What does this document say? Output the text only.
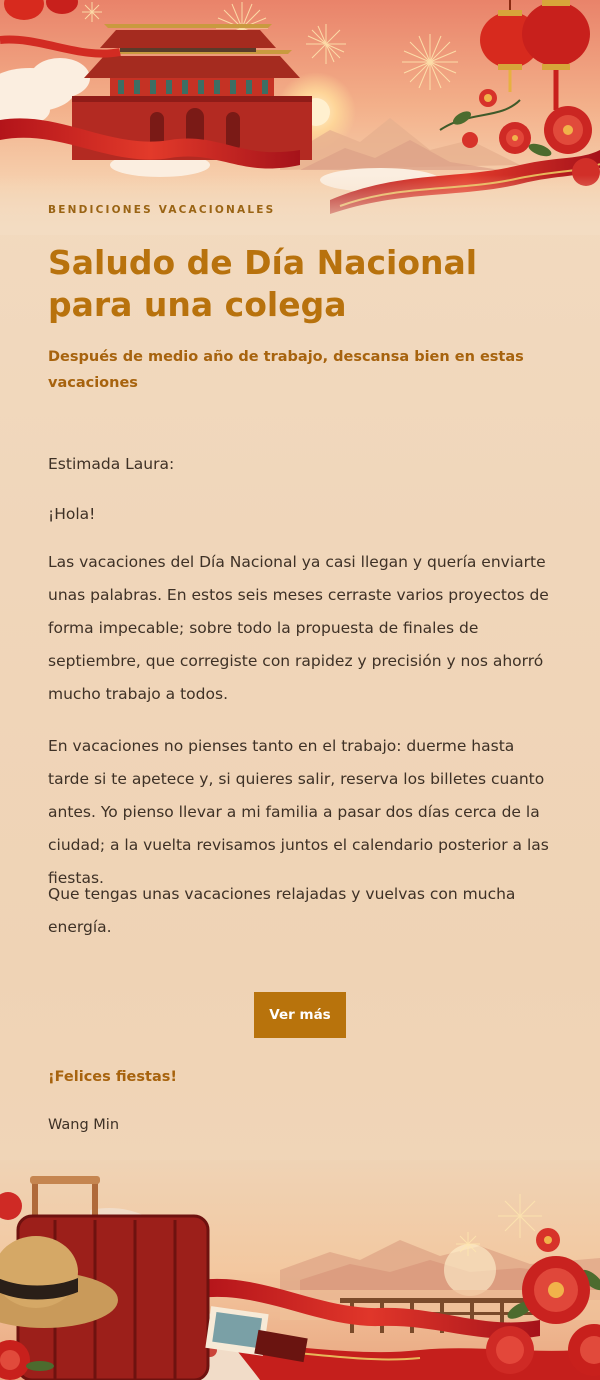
BENDICIONES VACACIONALES

Saludo de Día Nacional para una colega

Después de medio año de trabajo, descansa bien en estas vacaciones

Estimada Laura:

¡Hola!

Las vacaciones del Día Nacional ya casi llegan y quería enviarte unas palabras. En estos seis meses cerraste varios proyectos de forma impecable; sobre todo la propuesta de finales de septiembre, que corregiste con rapidez y precisión y nos ahorró mucho trabajo a todos.

En vacaciones no pienses tanto en el trabajo: duerme hasta tarde si te apetece y, si quieres salir, reserva los billetes cuanto antes. Yo pienso llevar a mi familia a pasar dos días cerca de la ciudad; a la vuelta revisamos juntos el calendario posterior a las fiestas.

Que tengas unas vacaciones relajadas y vuelvas con mucha energía.

Ver más

¡Felices fiestas!

Wang Min
